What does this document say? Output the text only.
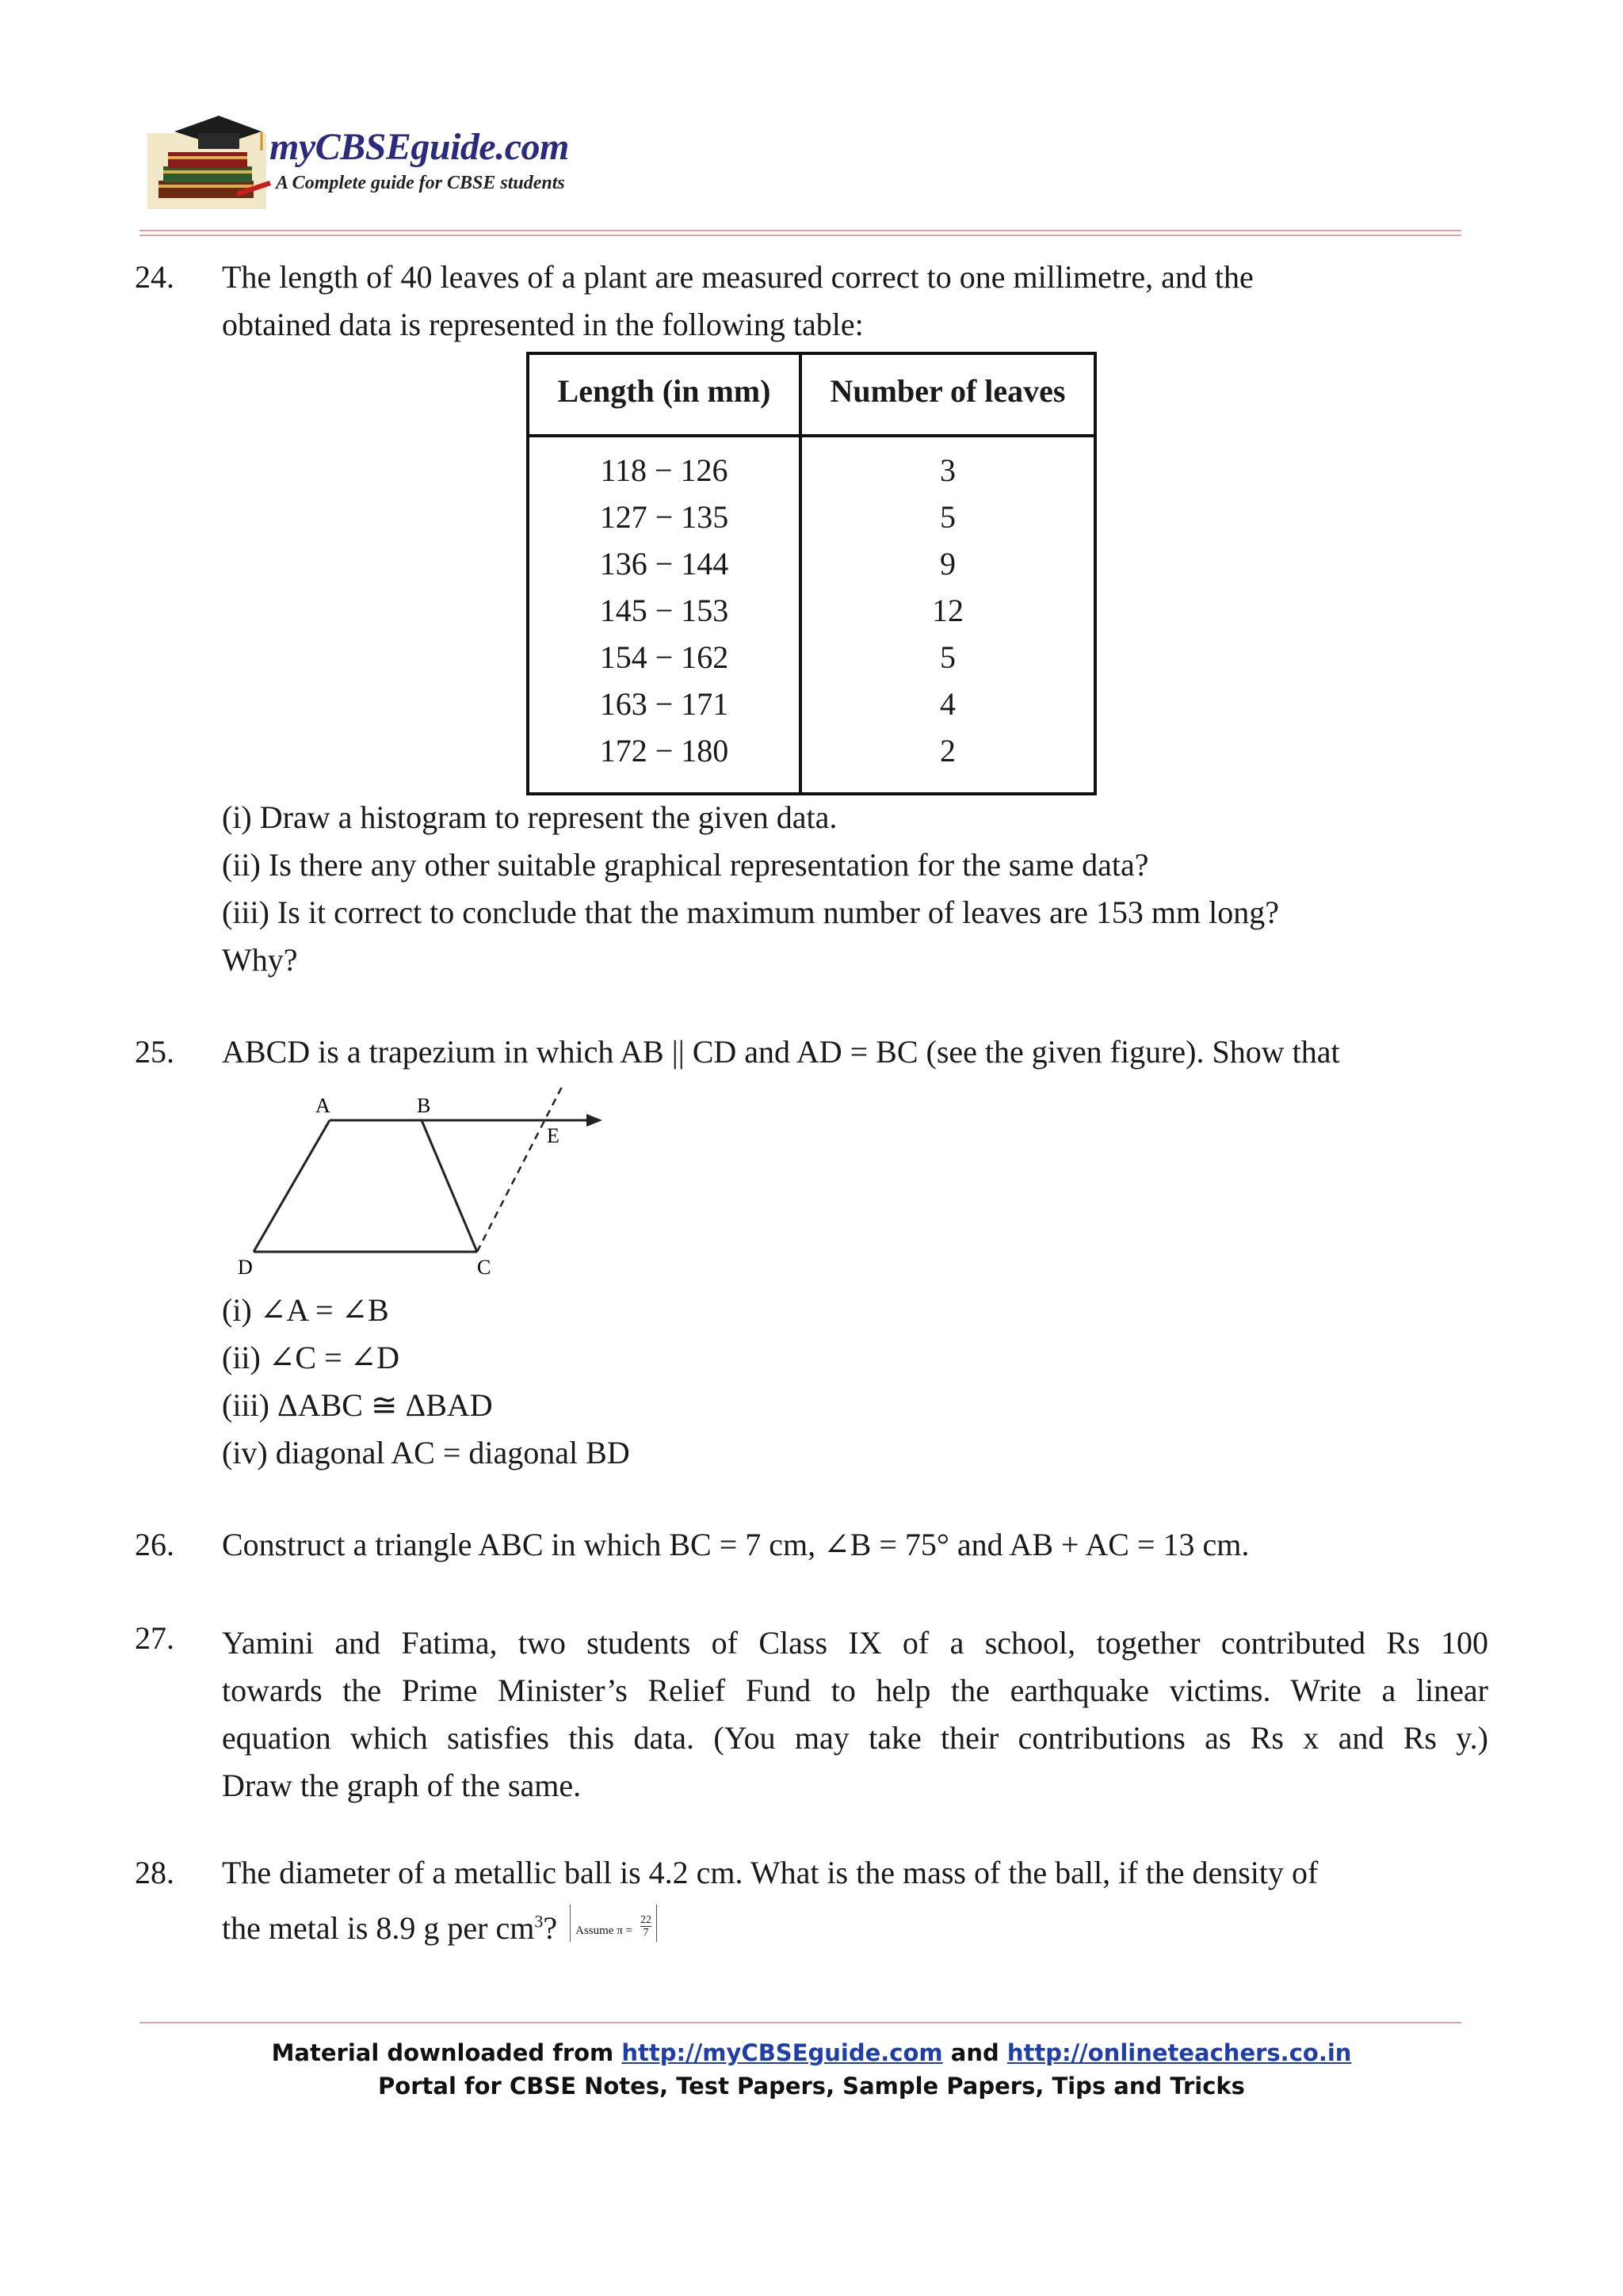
myCBSEguide.com
A Complete guide for CBSE students
24. The length of 40 leaves of a plant are measured correct to one millimetre, and the
obtained data is represented in the following table:
Length (in mm)	Number of leaves
118 − 126	3
127 − 135	5
136 − 144	9
145 − 153	12
154 − 162	5
163 − 171	4
172 − 180	2
(i) Draw a histogram to represent the given data.
(ii) Is there any other suitable graphical representation for the same data?
(iii) Is it correct to conclude that the maximum number of leaves are 153 mm long?
Why?
25. ABCD is a trapezium in which AB || CD and AD = BC (see the given figure). Show that
A	B
E
D	C
(i) ∠A = ∠B
(ii) ∠C = ∠D
(iii) ΔABC ≅ ΔBAD
(iv) diagonal AC = diagonal BD
26. Construct a triangle ABC in which BC = 7 cm, ∠B = 75° and AB + AC = 13 cm.
27. Yamini and Fatima, two students of Class IX of a school, together contributed Rs 100
towards the Prime Minister’s Relief Fund to help the earthquake victims. Write a linear
equation which satisfies this data. (You may take their contributions as Rs x and Rs y.)
Draw the graph of the same.
28. The diameter of a metallic ball is 4.2 cm. What is the mass of the ball, if the density of
the metal is 8.9 g per $cm^3$? Assume $\pi = \frac{22}{7}$
Material downloaded from http://myCBSEguide.com and http://onlineteachers.co.in
Portal for CBSE Notes, Test Papers, Sample Papers, Tips and Tricks
